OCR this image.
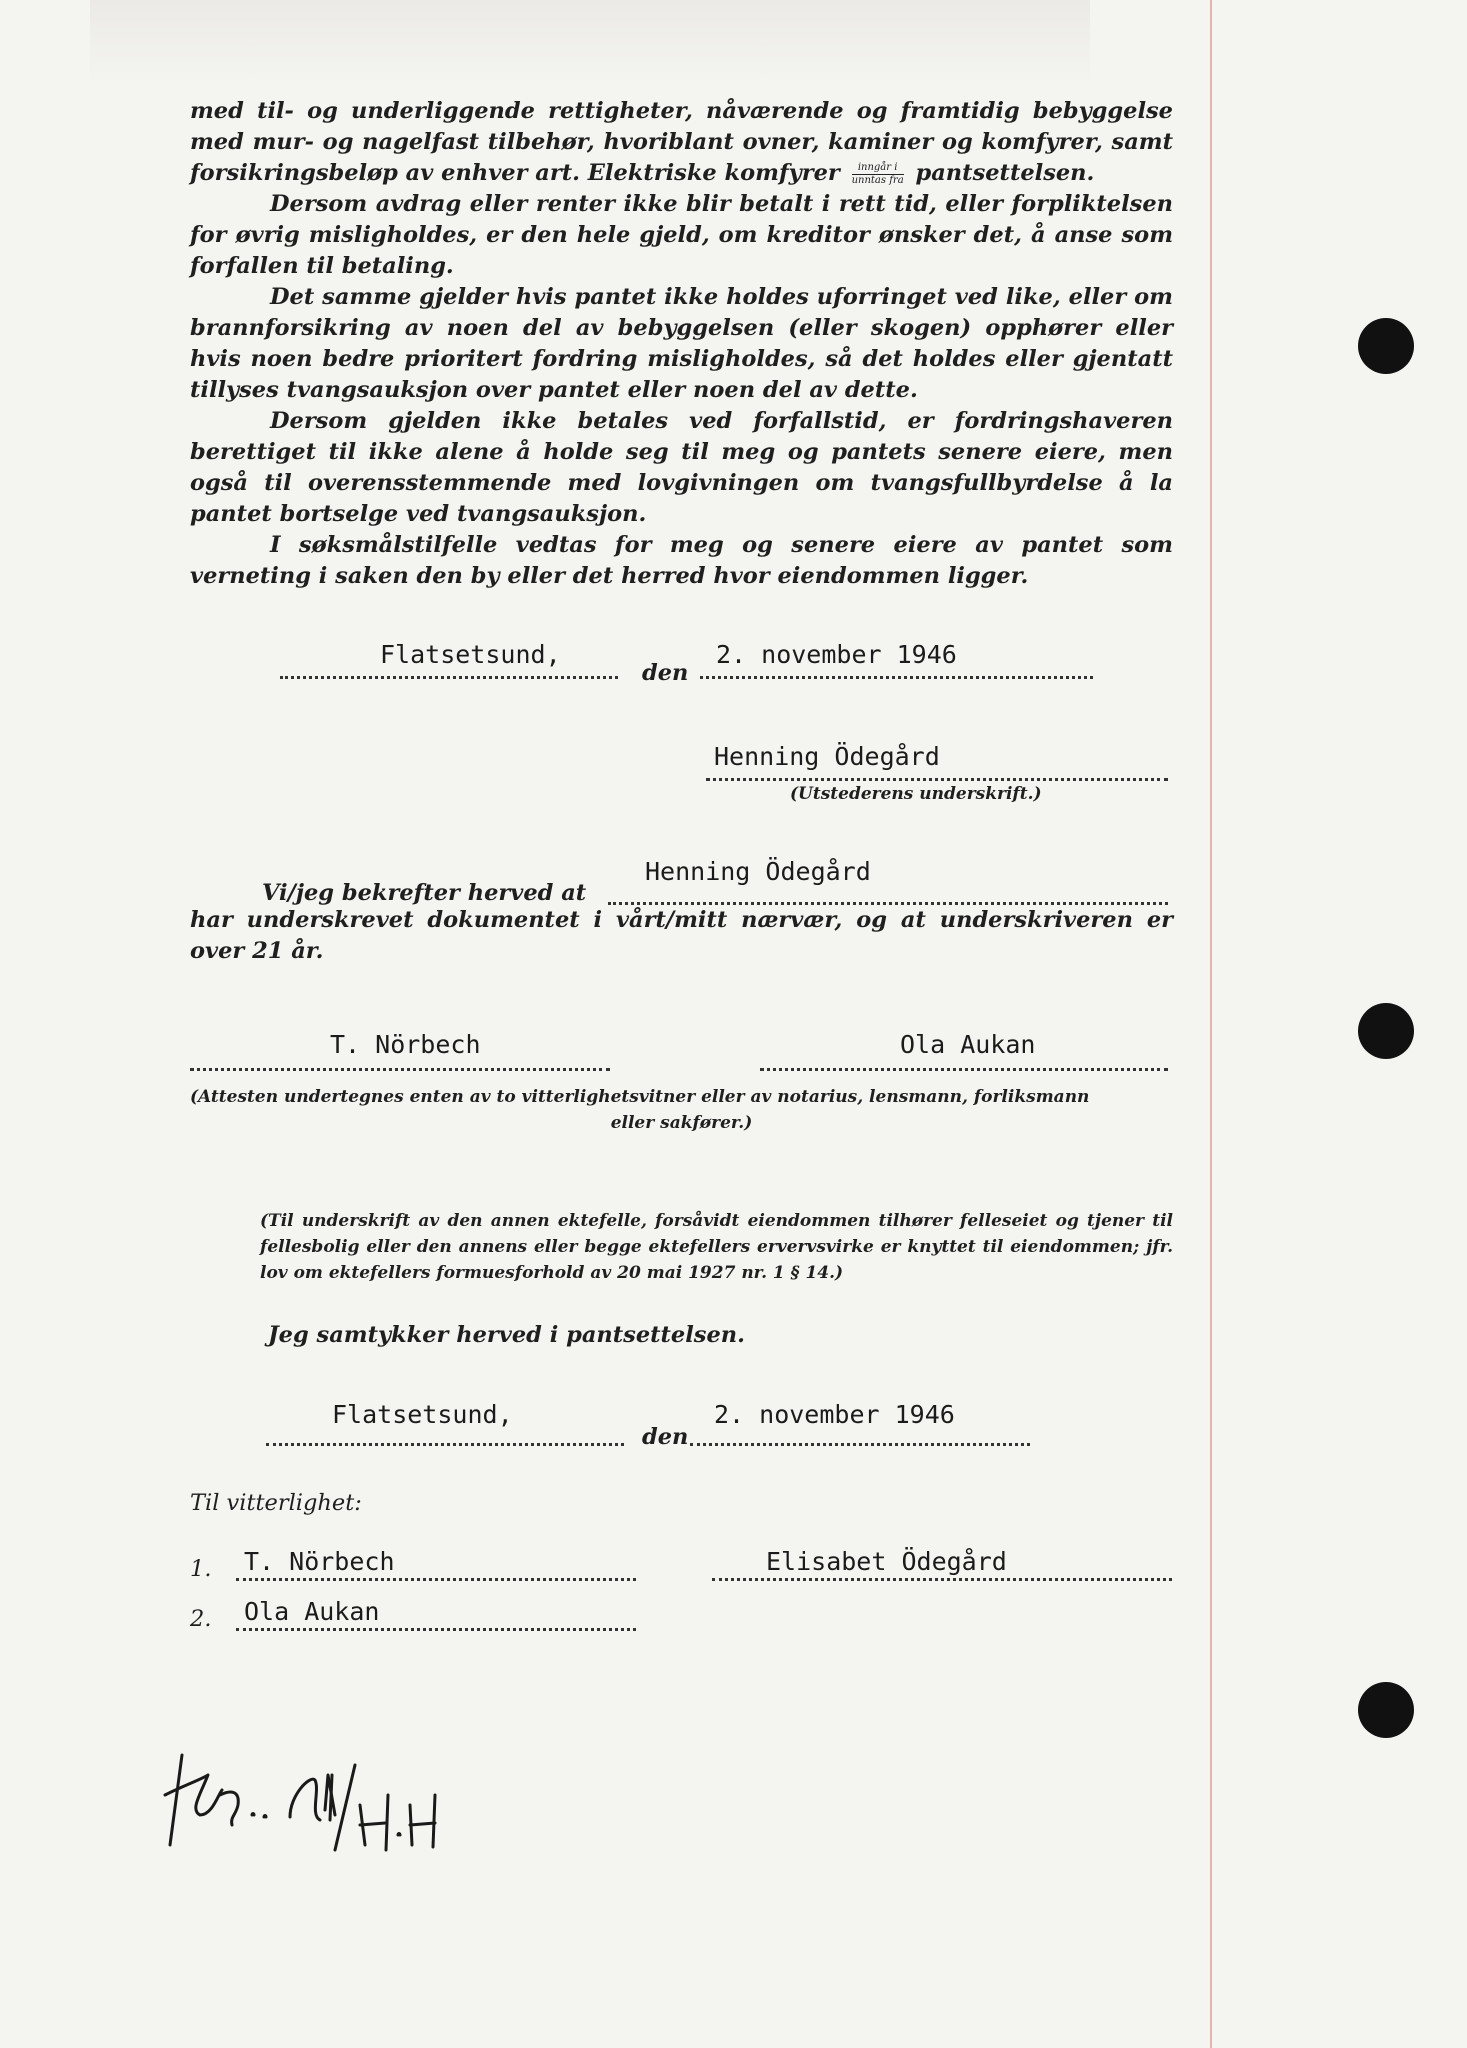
med til- og underliggende rettigheter, nåværende og framtidig bebyggelse med mur- og nagelfast tilbehør, hvoriblant ovner, kaminer og komfyrer, samt forsikringsbeløp av enhver art. Elektriske komfyrer $\frac{\text{inngår i}}{\text{unntas fra}}$ pantsettelsen.

Dersom avdrag eller renter ikke blir betalt i rett tid, eller forpliktelsen for øvrig misligholdes, er den hele gjeld, om kreditor ønsker det, å anse som forfallen til betaling.

Det samme gjelder hvis pantet ikke holdes uforringet ved like, eller om brannforsikring av noen del av bebyggelsen (eller skogen) opphører eller hvis noen bedre prioritert fordring misligholdes, så det holdes eller gjentatt tillyses tvangsauksjon over pantet eller noen del av dette.

Dersom gjelden ikke betales ved forfallstid, er fordringshaveren berettiget til ikke alene å holde seg til meg og pantets senere eiere, men også til overensstemmende med lovgivningen om tvangsfullbyrdelse å la pantet bortselge ved tvangsauksjon.

I søksmålstilfelle vedtas for meg og senere eiere av pantet som verneting i saken den by eller det herred hvor eiendommen ligger.

Flatsetsund,
den
2. november 1946
Henning Ödegård
(Utstederens underskrift.)
Henning Ödegård
Vi/jeg bekrefter herved at
har underskrevet dokumentet i vårt/mitt nærvær, og at underskriveren er over 21 år.
T. Nörbech	Ola Aukan
(Attesten undertegnes enten av to vitterlighetsvitner eller av notarius, lensmann, forliksmann
eller sakfører.)
(Til underskrift av den annen ektefelle, forsåvidt eiendommen tilhører felleseiet og tjener til fellesbolig eller den annens eller begge ektefellers ervervsvirke er knyttet til eiendommen; jfr. lov om ektefellers formuesforhold av 20 mai 1927 nr. 1 § 14.)
Jeg samtykker herved i pantsettelsen.
Flatsetsund,
den
2. november 1946
Til vitterlighet:
1. T. Nörbech	Elisabet Ödegård
2. Ola Aukan
